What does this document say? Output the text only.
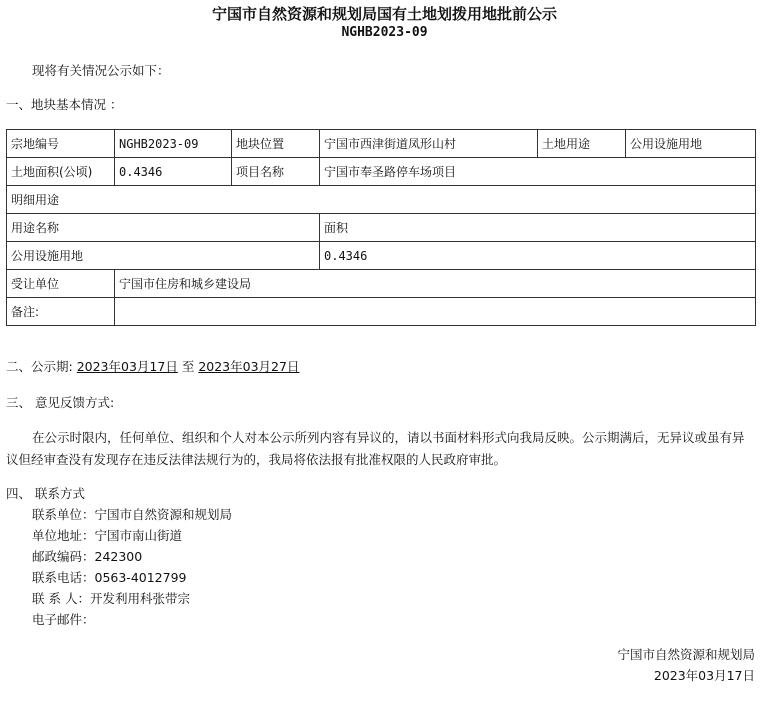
宁国市自然资源和规划局国有土地划拨用地批前公示
NGHB2023-09
现将有关情况公示如下：
一、地块基本情况 ：
宗地编号	NGHB2023-09	地块位置	宁国市西津街道凤形山村	土地用途	公用设施用地
土地面积(公顷)	0.4346	项目名称	宁国市奉圣路停车场项目		
明细用途					
用途名称			面积		
公用设施用地			0.4346		
受让单位	宁国市住房和城乡建设局				
备注:					
二、公示期: 2023年03月17日 至 2023年03月27日
三、 意见反馈方式:
在公示时限内，任何单位、组织和个人对本公示所列内容有异议的，请以书面材料形式向我局反映。公示期满后，无异议或虽有异议但经审查没有发现存在违反法律法规行为的，我局将依法报有批准权限的人民政府审批。
四、 联系方式
联系单位：宁国市自然资源和规划局
单位地址：宁国市南山街道
邮政编码：242300
联系电话：0563-4012799
联 系 人：开发利用科张带宗
电子邮件：
宁国市自然资源和规划局
2023年03月17日
